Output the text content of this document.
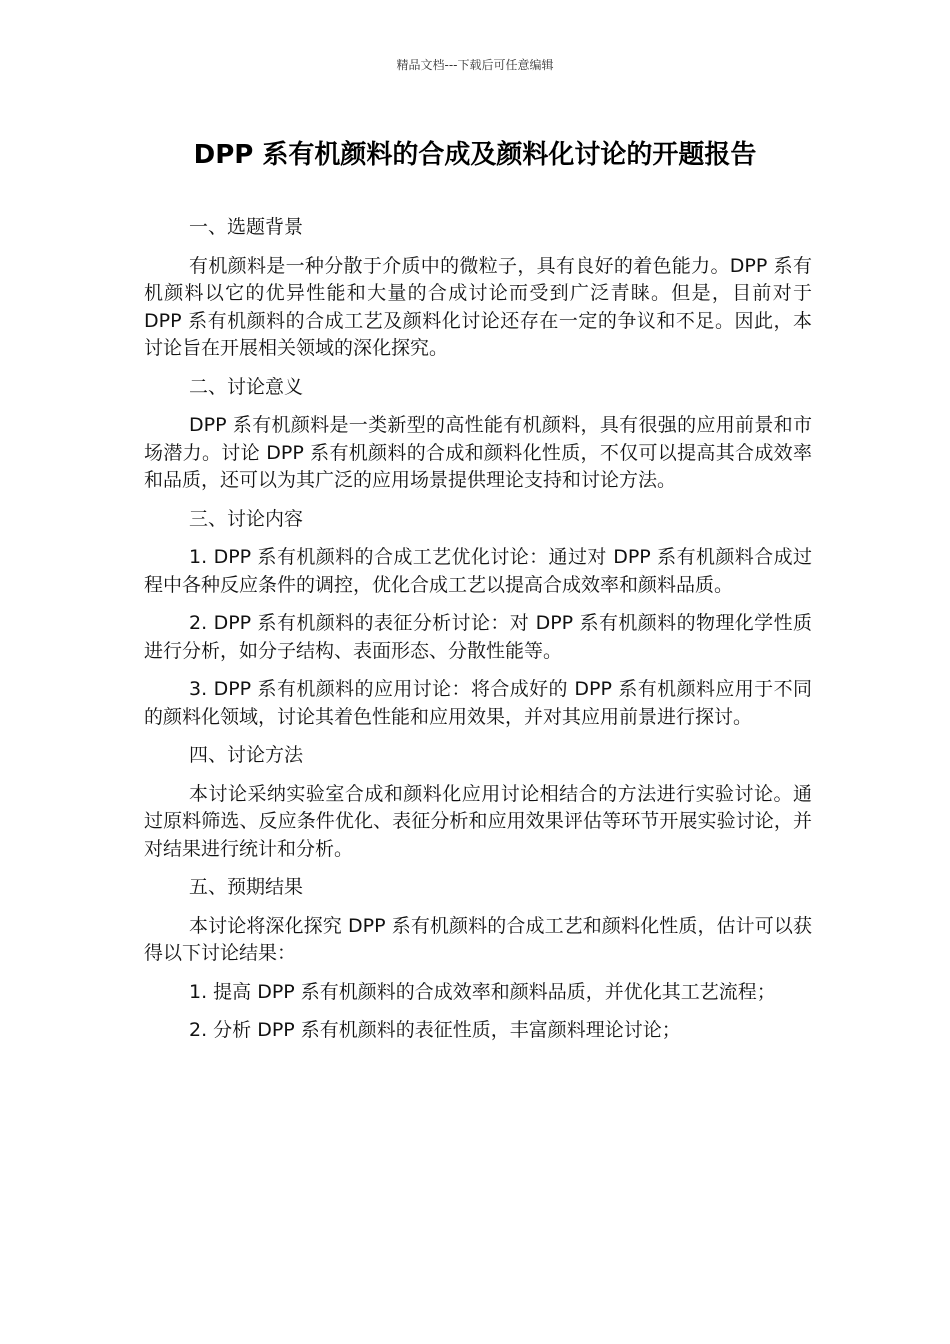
精品文档---下载后可任意编辑
DPP 系有机颜料的合成及颜料化讨论的开题报告

一、选题背景

有机颜料是一种分散于介质中的微粒子，具有良好的着色能力。DPP 系有机颜料以它的优异性能和大量的合成讨论而受到广泛青睐。但是，目前对于 DPP 系有机颜料的合成工艺及颜料化讨论还存在一定的争议和不足。因此，本讨论旨在开展相关领域的深化探究。

二、讨论意义

DPP 系有机颜料是一类新型的高性能有机颜料，具有很强的应用前景和市场潜力。讨论 DPP 系有机颜料的合成和颜料化性质，不仅可以提高其合成效率和品质，还可以为其广泛的应用场景提供理论支持和讨论方法。

三、讨论内容

1. DPP 系有机颜料的合成工艺优化讨论：通过对 DPP 系有机颜料合成过程中各种反应条件的调控，优化合成工艺以提高合成效率和颜料品质。

2. DPP 系有机颜料的表征分析讨论：对 DPP 系有机颜料的物理化学性质进行分析，如分子结构、表面形态、分散性能等。

3. DPP 系有机颜料的应用讨论：将合成好的 DPP 系有机颜料应用于不同的颜料化领域，讨论其着色性能和应用效果，并对其应用前景进行探讨。

四、讨论方法

本讨论采纳实验室合成和颜料化应用讨论相结合的方法进行实验讨论。通过原料筛选、反应条件优化、表征分析和应用效果评估等环节开展实验讨论，并对结果进行统计和分析。

五、预期结果

本讨论将深化探究 DPP 系有机颜料的合成工艺和颜料化性质，估计可以获得以下讨论结果：

1. 提高 DPP 系有机颜料的合成效率和颜料品质，并优化其工艺流程；

2. 分析 DPP 系有机颜料的表征性质，丰富颜料理论讨论；
